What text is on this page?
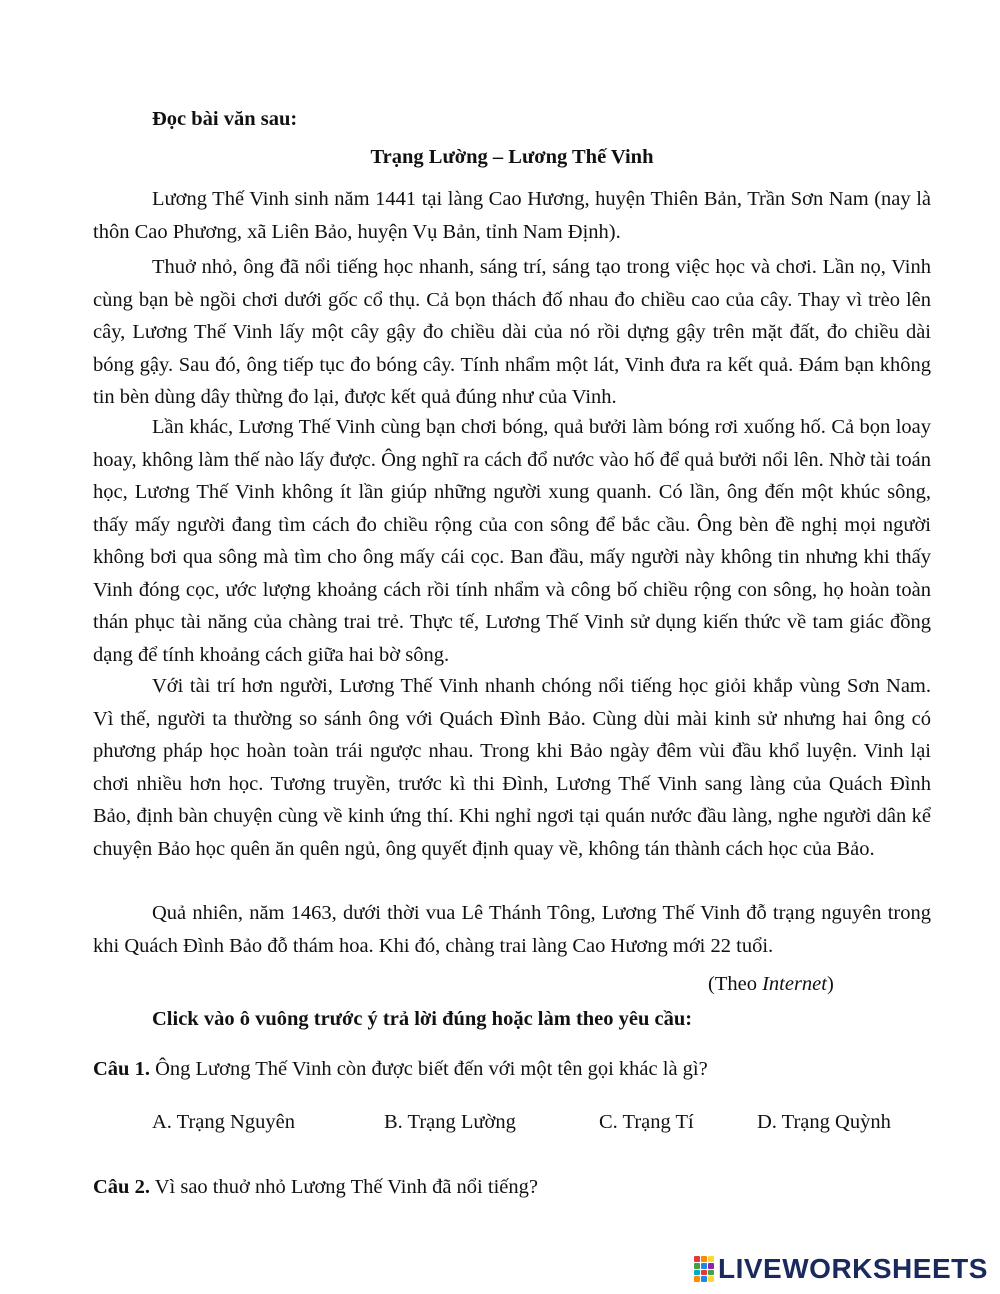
Đọc bài văn sau:
Trạng Lường – Lương Thế Vinh

Lương Thế Vinh sinh năm 1441 tại làng Cao Hương, huyện Thiên Bản, Trần Sơn Nam (nay là thôn Cao Phương, xã Liên Bảo, huyện Vụ Bản, tỉnh Nam Định).

Thuở nhỏ, ông đã nổi tiếng học nhanh, sáng trí, sáng tạo trong việc học và chơi. Lần nọ, Vinh cùng bạn bè ngồi chơi dưới gốc cổ thụ. Cả bọn thách đố nhau đo chiều cao của cây. Thay vì trèo lên cây, Lương Thế Vinh lấy một cây gậy đo chiều dài của nó rồi dựng gậy trên mặt đất, đo chiều dài bóng gậy. Sau đó, ông tiếp tục đo bóng cây. Tính nhẩm một lát, Vinh đưa ra kết quả. Đám bạn không tin bèn dùng dây thừng đo lại, được kết quả đúng như của Vinh.

Lần khác, Lương Thế Vinh cùng bạn chơi bóng, quả bưởi làm bóng rơi xuống hố. Cả bọn loay hoay, không làm thế nào lấy được. Ông nghĩ ra cách đổ nước vào hố để quả bưởi nổi lên. Nhờ tài toán học, Lương Thế Vinh không ít lần giúp những người xung quanh. Có lần, ông đến một khúc sông, thấy mấy người đang tìm cách đo chiều rộng của con sông để bắc cầu. Ông bèn đề nghị mọi người không bơi qua sông mà tìm cho ông mấy cái cọc. Ban đầu, mấy người này không tin nhưng khi thấy Vinh đóng cọc, ước lượng khoảng cách rồi tính nhẩm và công bố chiều rộng con sông, họ hoàn toàn thán phục tài năng của chàng trai trẻ. Thực tế, Lương Thế Vinh sử dụng kiến thức về tam giác đồng dạng để tính khoảng cách giữa hai bờ sông.

Với tài trí hơn người, Lương Thế Vinh nhanh chóng nổi tiếng học giỏi khắp vùng Sơn Nam. Vì thế, người ta thường so sánh ông với Quách Đình Bảo. Cùng dùi mài kinh sử nhưng hai ông có phương pháp học hoàn toàn trái ngược nhau. Trong khi Bảo ngày đêm vùi đầu khổ luyện. Vinh lại chơi nhiều hơn học. Tương truyền, trước kì thi Đình, Lương Thế Vinh sang làng của Quách Đình Bảo, định bàn chuyện cùng về kinh ứng thí. Khi nghỉ ngơi tại quán nước đầu làng, nghe người dân kể chuyện Bảo học quên ăn quên ngủ, ông quyết định quay về, không tán thành cách học của Bảo.

Quả nhiên, năm 1463, dưới thời vua Lê Thánh Tông, Lương Thế Vinh đỗ trạng nguyên trong khi Quách Đình Bảo đỗ thám hoa. Khi đó, chàng trai làng Cao Hương mới 22 tuổi.

(Theo Internet)
Click vào ô vuông trước ý trả lời đúng hoặc làm theo yêu cầu:
Câu 1. Ông Lương Thế Vinh còn được biết đến với một tên gọi khác là gì?
A. Trạng Nguyên	B. Trạng Lường	C. Trạng Tí	D. Trạng Quỳnh
Câu 2. Vì sao thuở nhỏ Lương Thế Vinh đã nổi tiếng?
LIVEWORKSHEETS
